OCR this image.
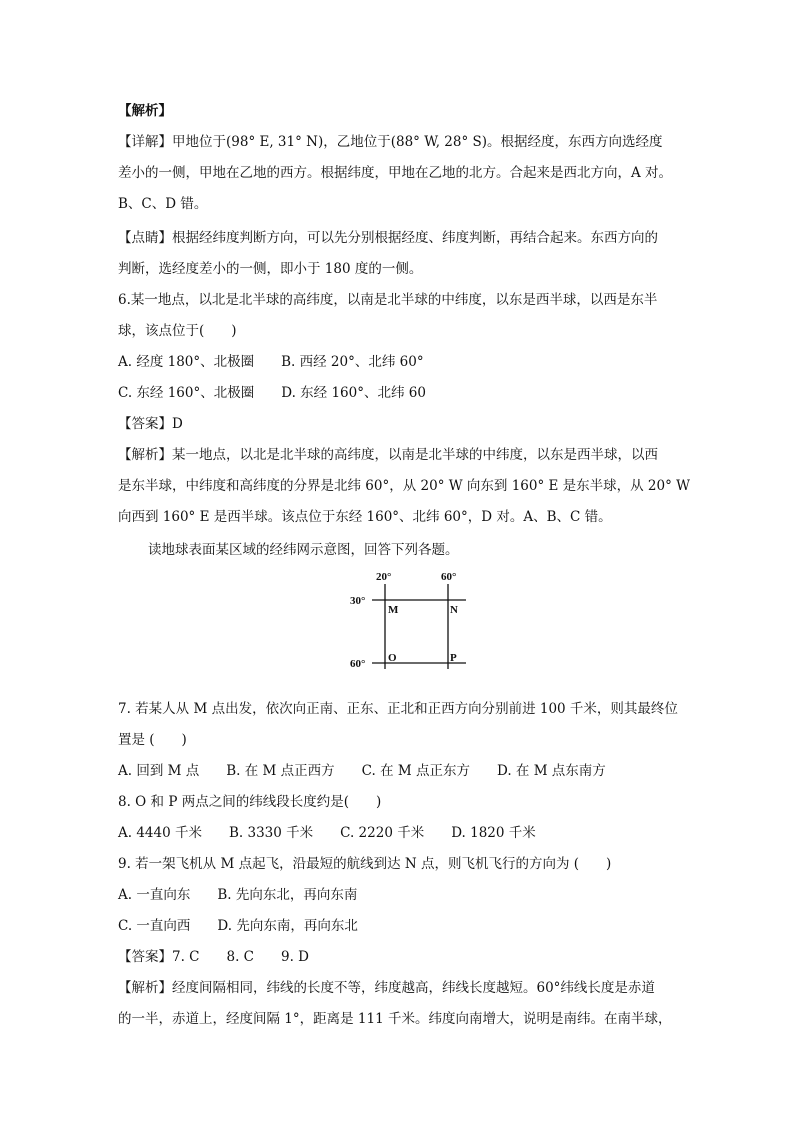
【解析】
【详解】甲地位于(98° E, 31° N)，乙地位于(88° W, 28° S)。根据经度，东西方向选经度
差小的一侧，甲地在乙地的西方。根据纬度，甲地在乙地的北方。合起来是西北方向，A 对。
B、C、D 错。
【点睛】根据经纬度判断方向，可以先分别根据经度、纬度判断，再结合起来。东西方向的
判断，选经度差小的一侧，即小于 180 度的一侧。
6.某一地点，以北是北半球的高纬度，以南是北半球的中纬度，以东是西半球，以西是东半
球，该点位于(　　)
A. 经度 180°、北极圈　　B. 西经 20°、北纬 60°
C. 东经 160°、北极圈　　D. 东经 160°、北纬 60
【答案】D
【解析】某一地点，以北是北半球的高纬度，以南是北半球的中纬度，以东是西半球，以西
是东半球，中纬度和高纬度的分界是北纬 60°，从 20° W 向东到 160° E 是东半球，从 20° W
向西到 160° E 是西半球。该点位于东经 160°、北纬 60°，D 对。A、B、C 错。
读地球表面某区域的经纬网示意图，回答下列各题。
20°	60°
30°
60°
M	N
O	P
7. 若某人从 M 点出发，依次向正南、正东、正北和正西方向分别前进 100 千米，则其最终位
置是 (　　)
A. 回到 M 点　　B. 在 M 点正西方　　C. 在 M 点正东方　　D. 在 M 点东南方
8. O 和 P 两点之间的纬线段长度约是(　　)
A. 4440 千米　　B. 3330 千米　　C. 2220 千米　　D. 1820 千米
9. 若一架飞机从 M 点起飞，沿最短的航线到达 N 点，则飞机飞行的方向为 (　　)
A. 一直向东　　B. 先向东北，再向东南
C. 一直向西　　D. 先向东南，再向东北
【答案】7. C　　8. C　　9. D
【解析】经度间隔相同，纬线的长度不等，纬度越高，纬线长度越短。60°纬线长度是赤道
的一半，赤道上，经度间隔 1°，距离是 111 千米。纬度向南增大，说明是南纬。在南半球，
